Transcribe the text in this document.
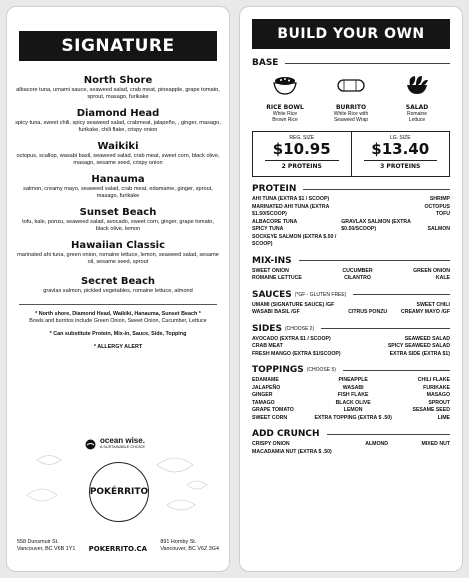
SIGNATURE
North Shore
albacore tuna, umami sauce, seaweed salad, crab meat, pineapple, grape tomato, sprout, masago, furikake
Diamond Head
spicy tuna, sweet chili, spicy seaweed salad, crabmeat, jalapeño, , ginger, masago, furikake, chili flake, crispy onion
Waikiki
octopus, scallop, wasabi basil, seaweed salad, crab meat, sweet corn, black olive, masago, sesame seed, crispy onion
Hanauma
salmon, creamy mayo, seaweed salad, crab meat, edamame, ginger, sprout, masago, furikake
Sunset Beach
tofu, kale, ponzu, seaweed salad, avocado, sweet corn, ginger, grape tomato, black olive, lemon
Hawaiian Classic
marinated ahi tuna, green onion, romaine lettuce, lemon, seaweed salad, sesame oil, sesame seed, sprout
Secret Beach
gravlax salmon, pickled vegetables, romaine lettuce, almond
* North shore, Diamond Head, Waikiki, Hanauma, Sunset Beach *
Bowls and burritos include Green Onion, Sweet Onion, Cucumber, Lettuce
* Can substitute Protein, Mix-in, Sauce, Side, Topping
* ALLERGY ALERT
ocean wise.
A SUSTAINABLE CHOICE
POKÉRRITO
558 Dunsmuir St.
Vancouver, BC V6B 1Y1 POKERRITO.CA
891 Hornby St.
Vancouver, BC V6Z 3G4
BUILD YOUR OWN
BASE
RICE BOWL
White Rice
Brown Rice
BURRITO
White Rice with
Seaweed Wrap
SALAD
Romaine
Lettuce
REG. SIZE
$10.95
2 PROTEINS
LG. SIZE
$13.40
3 PROTEINS
PROTEIN
AHI TUNA (EXTRA $1 / SCOOP)
MARINATED AHI TUNA (EXTRA $1.50/SCOOP)
ALBACORE TUNA
SPICY TUNA
SOCKEYE SALMON (EXTRA $.50 / SCOOP)

GRAVLAX SALMON (EXTRA $0.50/SCOOP)

SHRIMP
OCTOPUS
TOFU

SALMON
MIX-INS
SWEET ONION
ROMAINE LETTUCE
CUCUMBER
CILANTRO
GREEN ONION
KALE
SAUCES (*GF - GLUTEN FREE)
UMAMI (SIGNATURE SAUCE) /GF
WASABI BASIL /GF
	CITRUS PONZU
SWEET CHILI
CREAMY MAYO /GF
SIDES (CHOOSE 2)
AVOCADO (EXTRA $1 / SCOOP)
CRAB MEAT
FRESH MANGO (EXTRA $1/SCOOP)
SEAWEED SALAD
SPICY SEAWEED SALAD
EXTRA SIDE (EXTRA $1)
TOPPINGS (CHOOSE 5)
EDAMAME
JALAPEÑO
GINGER
TAMAGO
GRAPE TOMATO
SWEET CORN
PINEAPPLE
WASABI
FISH FLAKE
BLACK OLIVE
LEMON
EXTRA TOPPING (EXTRA $ .50)
CHILI FLAKE
FURIKAKE
MASAGO
SPROUT
SESAME SEED
LIME
ADD CRUNCH
CRISPY ONION
MACADAMIA NUT (EXTRA $ .50)
ALMOND
	MIXED NUT
